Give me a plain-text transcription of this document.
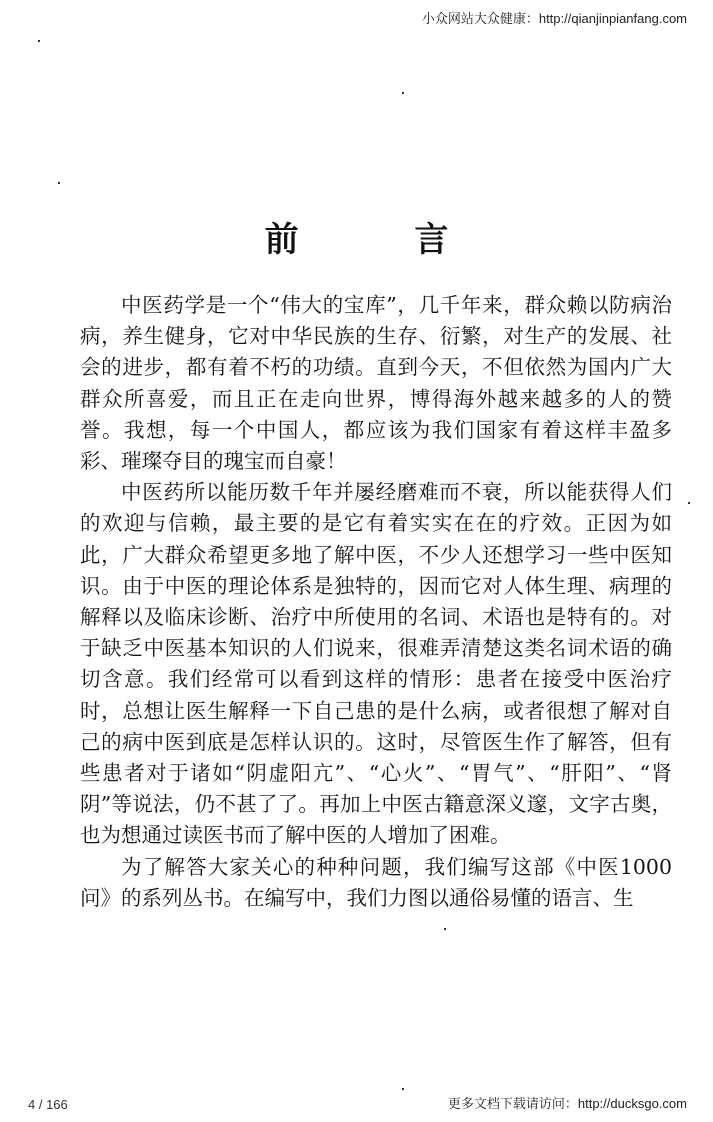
小众网站大众健康：http://qianjinpianfang.com
前 言

中医药学是一个“伟大的宝库”，几千年来，群众赖以防病治病，养生健身，它对中华民族的生存、衍繁，对生产的发展、社会的进步，都有着不朽的功绩。直到今天，不但依然为国内广大群众所喜爱，而且正在走向世界，博得海外越来越多的人的赞誉。我想，每一个中国人，都应该为我们国家有着这样丰盈多彩、璀璨夺目的瑰宝而自豪！

中医药所以能历数千年并屡经磨难而不衰，所以能获得人们的欢迎与信赖，最主要的是它有着实实在在的疗效。正因为如此，广大群众希望更多地了解中医，不少人还想学习一些中医知识。由于中医的理论体系是独特的，因而它对人体生理、病理的解释以及临床诊断、治疗中所使用的名词、术语也是特有的。对于缺乏中医基本知识的人们说来，很难弄清楚这类名词术语的确切含意。我们经常可以看到这样的情形：患者在接受中医治疗时，总想让医生解释一下自己患的是什么病，或者很想了解对自己的病中医到底是怎样认识的。这时，尽管医生作了解答，但有些患者对于诸如“阴虚阳亢”、“心火”、“胃气”、“肝阳”、“肾阴”等说法，仍不甚了了。再加上中医古籍意深义邃，文字古奥，也为想通过读医书而了解中医的人增加了困难。

为了解答大家关心的种种问题，我们编写这部《中医1000问》的系列丛书。在编写中，我们力图以通俗易懂的语言、生

4 / 166	更多文档下载请访问：http://ducksgo.com
